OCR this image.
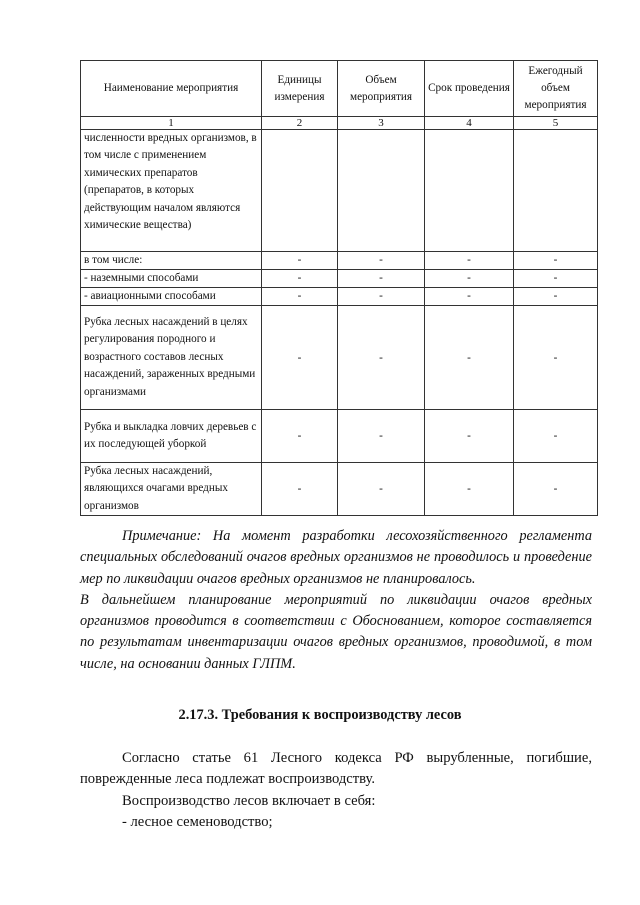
Наименование мероприятия	Единицы измерения	Объем мероприятия	Срок проведения	Ежегодный объем мероприятия
1	2	3	4	5
численности вредных организмов, в том числе с применением химических препаратов (препаратов, в которых действующим началом являются химические вещества)				
в том числе:	-	-	-	-
- наземными способами	-	-	-	-
- авиационными способами	-	-	-	-
Рубка лесных насаждений в целях регулирования породного и возрастного составов лесных насаждений, зараженных вредными организмами	-	-	-	-
Рубка и выкладка ловчих деревьев с их последующей уборкой	-	-	-	-
Рубка лесных насаждений, являющихся очагами вредных организмов	-	-	-	-

Примечание: На момент разработки лесохозяйственного регламента специальных обследований очагов вредных организмов не проводилось и проведение мер по ликвидации очагов вредных организмов не планировалось.

В дальнейшем планирование мероприятий по ликвидации очагов вредных организмов проводится в соответствии с Обоснованием, которое составляется по результатам инвентаризации очагов вредных организмов, проводимой, в том числе, на основании данных ГЛПМ.

2.17.3. Требования к воспроизводству лесов

Согласно статье 61 Лесного кодекса РФ вырубленные, погибшие, поврежденные леса подлежат воспроизводству.

Воспроизводство лесов включает в себя:

- лесное семеноводство;
